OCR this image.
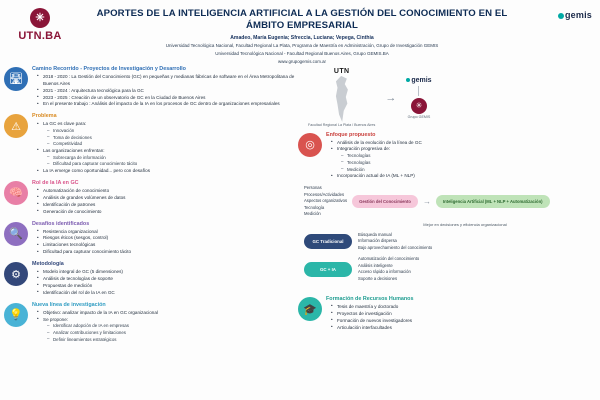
✳
UTN.BA
APORTES DE LA INTELIGENCIA ARTIFICIAL A LA GESTIÓN DEL CONOCIMIENTO EN EL ÁMBITO EMPRESARIAL
Amadeo, María Eugenia; Sfreccia, Luciana; Vepega, Cinthia
Universidad Tecnológica Nacional, Facultad Regional La Plata, Programa de Maestría en Administración, Grupo de Investigación GEMIS
Universidad Tecnológica Nacional - Facultad Regional Buenos Aires, Grupo GEMIS.BA
www.grupogemis.com.ar
gemis
🛣
Camino Recorrido - Proyectos de Investigación y Desarrollo
• 2018 - 2020 : La Gestión del Conocimiento (GC) en pequeñas y medianas fábricas de software en el Área Metropolitana de Buenos Aires
• 2021 - 2024 : Arquitectura tecnológica para la GC
• 2023 - 2025 : Creación de un observatorio de GC en la Ciudad de Buenos Aires
• En el presente trabajo : Análisis del impacto de la IA en los procesos de GC dentro de organizaciones empresariales
⚠
Problema
• La GC es clave para:
– Innovación
– Toma de decisiones
– Competitividad
• Las organizaciones enfrentan:
– Sobrecarga de información
– Dificultad para capturar conocimiento tácito
• La IA emerge como oportunidad... pero con desafíos
🧠
Rol de la IA en GC
• Automatización de conocimiento
• Análisis de grandes volúmenes de datos
• Identificación de patrones
• Generación de conocimiento
🔍
Desafíos identificados
• Resistencia organizacional
• Riesgos éticos (sesgos, control)
• Limitaciones tecnológicas
• Dificultad para capturar conocimiento tácito
⚙
Metodología
• Modelo integral de GC (5 dimensiones)
• Análisis de tecnologías de soporte
• Propuestas de medición
• Identificación del rol de la IA en GC
💡
Nueva línea de investigación
• Objetivo: analizar impacto de la IA en GC organizacional
• Se propone:
– Identificar adopción de IA en empresas
– Analizar contribuciones y limitaciones
– Definir lineamientos estratégicos
UTN
Facultad Regional La Plata / Buenos Aires
→
gemis
✳
Grupo GEMIS
◎
Enfoque propuesto
• Análisis de la evolución de la línea de GC
• Integración progresiva de:
– Tecnologías
– Tecnologías
– Medición
• Incorporación actual de IA (ML + NLP)
Personas
Procesos/Actividades
Aspectos organizativos
Tecnología
Medición
Gestión del Conocimiento	→	Inteligencia Artificial (ML + NLP + Automatización)
Mejor en decisiones y eficiencia organizacional
GC Tradicional
Búsqueda manual
Información dispersa
Bajo aprovechamiento del conocimiento
GC + IA
Automatización del conocimiento
Análisis inteligente
Acceso rápido a información
Soporte a decisiones
🎓
Formación de Recursos Humanos
• Tesis de maestría y doctorado
• Proyectos de investigación
• Formación de nuevos investigadores
• Articulación interfacultades
